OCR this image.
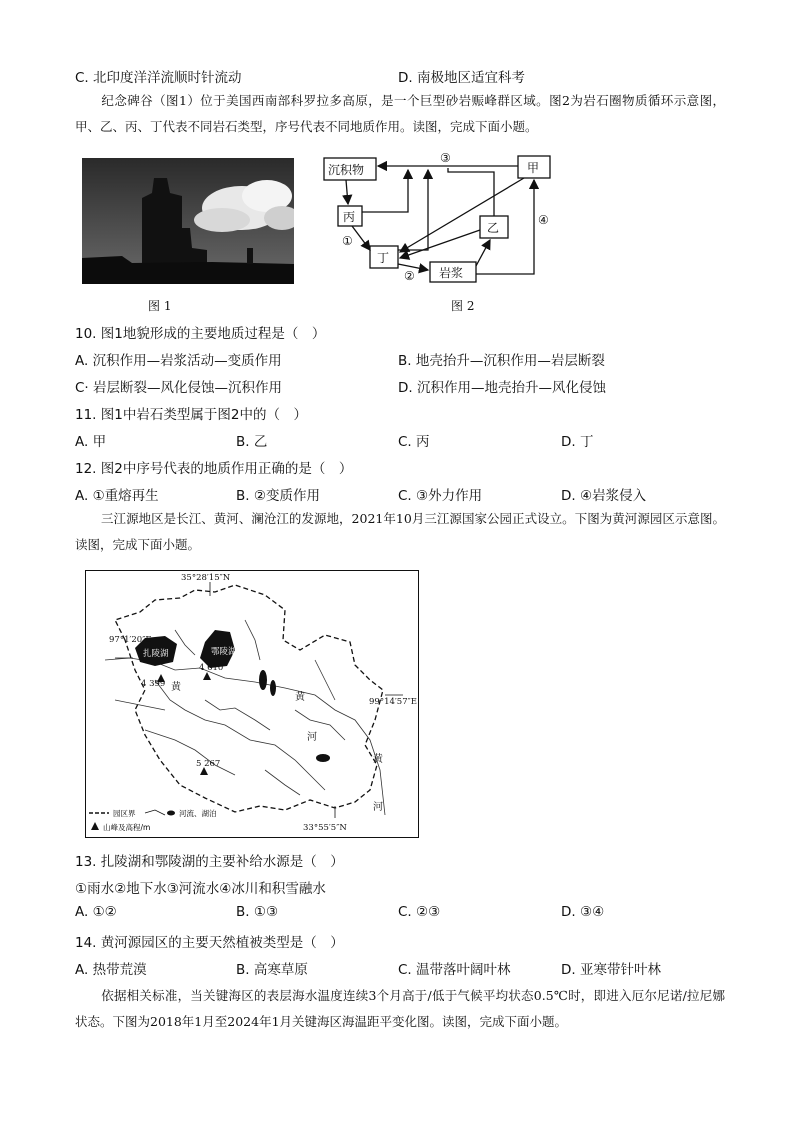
C. 北印度洋洋流顺时针流动	D. 南极地区适宜科考
纪念碑谷（图1）位于美国西南部科罗拉多高原，是一个巨型砂岩赈峰群区域。图2为岩石圈物质循环示意图，甲、乙、丙、丁代表不同岩石类型，序号代表不同地质作用。读图，完成下面小题。
图 1
沉积物	甲
丙
乙
丁
岩浆
③
①
②
④
图 2
10. 图1地貌形成的主要地质过程是（　）
A. 沉积作用—岩浆活动—变质作用	B. 地壳抬升—沉积作用—岩层断裂
C· 岩层断裂—风化侵蚀—沉积作用	D. 沉积作用—地壳抬升—风化侵蚀
11. 图1中岩石类型属于图2中的（　）
A. 甲	B. 乙	C. 丙	D. 丁
12. 图2中序号代表的地质作用正确的是（　）
A. ①重熔再生	B. ②变质作用	C. ③外力作用	D. ④岩浆侵入
三江源地区是长江、黄河、澜沧江的发源地，2021年10月三江源国家公园正式设立。下图为黄河源园区示意图。读图，完成下面小题。
35°28′15″N
97°1′20″E
99°14′57″E
33°55′5″N
扎陵湖	鄂陵湖
4 610
4 399
5 267
黄
黄
河
黄
河
园区界	河流、湖泊
山峰及高程/m
13. 扎陵湖和鄂陵湖的主要补给水源是（　）
①雨水②地下水③河流水④冰川和积雪融水
A. ①②	B. ①③	C. ②③	D. ③④
14. 黄河源园区的主要天然植被类型是（　）
A. 热带荒漠	B. 高寒草原	C. 温带落叶阔叶林	D. 亚寒带针叶林
依据相关标准，当关键海区的表层海水温度连续3个月高于/低于气候平均状态0.5℃时，即进入厄尔尼诺/拉尼娜状态。下图为2018年1月至2024年1月关键海区海温距平变化图。读图，完成下面小题。
